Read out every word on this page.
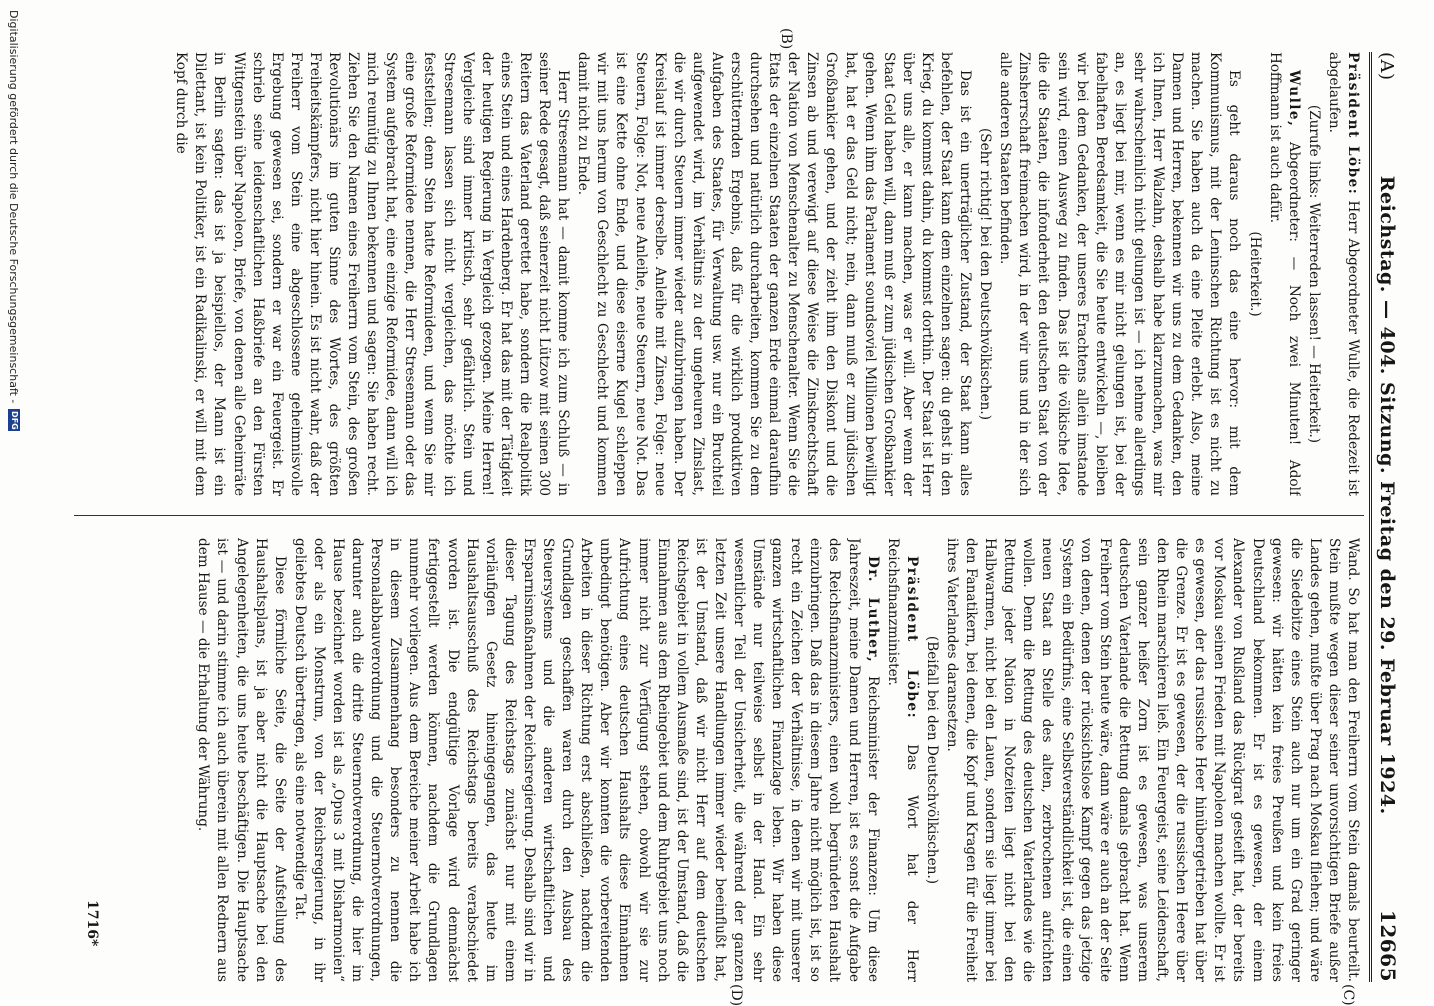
(A)
Reichstag. — 404. Sitzung. Freitag den 29. Februar 1924.
12665
(B)
(C)
(D)

Präsident Löbe: Herr Abgeordneter Wulle, die Redezeit ist abgelaufen.

(Zurufe links: Weiterreden lassen! — Heiterkeit.)

Wulle, Abgeordneter: — Noch zwei Minuten! Adolf Hoffmann ist auch dafür.

(Heiterkeit.)

Es geht daraus noch das eine hervor: mit dem Kommunismus, mit der Leninschen Richtung ist es nicht zu machen. Sie haben auch da eine Pleite erlebt. Also, meine Damen und Herren, bekennen wir uns zu dem Gedanken, den ich Ihnen, Herr Walzahn, deshalb habe klarzumachen, was mir sehr wahrscheinlich nicht gelungen ist — ich nehme allerdings an, es liegt bei mir, wenn es mir nicht gelungen ist, bei der fabelhaften Beredsamkeit, die Sie heute entwickeln —, bleiben wir bei dem Gedanken, der unseres Erachtens allein imstande sein wird, einen Ausweg zu finden. Das ist die völkische Idee, die die Staaten, die infonderheit den deutschen Staat von der Zinsherrschaft freimachen wird, in der wir uns und in der sich alle anderen Staaten befinden.

(Sehr richtig! bei den Deutschvölkischen.)

Das ist ein unerträglicher Zustand, der Staat kann alles befehlen, der Staat kann dem einzelnen sagen: du gehst in den Krieg, du kommst dahin, du kommst dorthin. Der Staat ist Herr über uns alle, er kann machen, was er will. Aber wenn der Staat Geld haben will, dann muß er zum jüdischen Großbankier gehen. Wenn ihm das Parlament soundsoviel Millionen bewilligt hat, hat er das Geld nicht; nein, dann muß er zum jüdischen Großbankier gehen, und der zieht ihm den Diskont und die Zinsen ab und verewigt auf diese Weise die Zinsknechtschaft der Nation von Menschenalter zu Menschenalter. Wenn Sie die Etats der einzelnen Staaten der ganzen Erde einmal daraufhin durchsehen und natürlich durcharbeiten, kommen Sie zu dem erschütternden Ergebnis, daß für die wirklich produktiven Aufgaben des Staates, für Verwaltung usw. nur ein Bruchteil aufgewendet wird, im Verhältnis zu der ungeheuren Zinslast, die wir durch Steuern immer wieder aufzubringen haben. Der Kreislauf ist immer derselbe. Anleihe mit Zinsen, Folge: neue Steuern, Folge: Not, neue Anleihe, neue Steuern, neue Not. Das ist eine Kette ohne Ende, und diese eiserne Kugel schleppen wir mit uns herum von Geschlecht zu Geschlecht und kommen damit nicht zu Ende.

Herr Stresemann hat — damit komme ich zum Schluß — in seiner Rede gesagt, daß seinerzeit nicht Lützow mit seinen 300 Reitern das Vaterland gerettet habe, sondern die Realpolitik eines Stein und eines Hardenberg. Er hat das mit der Tätigkeit der heutigen Regierung in Vergleich gezogen. Meine Herren! Vergleiche sind immer kritisch, sehr gefährlich. Stein und Stresemann lassen sich nicht vergleichen, das möchte ich feststellen; denn Stein hatte Reformideen, und wenn Sie mir eine große Reformidee nennen, die Herr Stresemann oder das System aufgebracht hat, eine einzige Reformidee, dann will ich mich reumütig zu Ihnen bekennen und sagen: Sie haben recht. Ziehen Sie den Namen eines Freiherrn vom Stein, des großen Revolutionärs im guten Sinne des Wortes, des größten Freiheitskämpfers, nicht hier hinein. Es ist nicht wahr, daß der Freiherr vom Stein eine abgeschlossene geheimnisvolle Ergebung gewesen sei, sondern er war ein Feuergeist. Er schrieb seine leidenschaftlichen Haßbriefe an den Fürsten Wittgenstein über Napoleon, Briefe, von denen alle Geheimräte in Berlin sagten: das ist ja beispiellos, der Mann ist ein Dilettant, ist kein Politiker, ist ein Radikalinski, er will mit dem Kopf durch die

Wand. So hat man den Freiherrn vom Stein damals beurteilt. Stein mußte wegen dieser seiner unvorsichtigen Briefe außer Landes gehen, mußte über Prag nach Moskau fliehen; und wäre die Siedebitze eines Stein auch nur um ein Grad geringer gewesen: wir hätten kein freies Preußen und kein freies Deutschland bekommen. Er ist es gewesen, der einem Alexander von Rußland das Rückgrat gesteift hat, der bereits vor Moskau seinen Frieden mit Napoleon machen wollte. Er ist es gewesen, der das russische Heer hinübergetrieben hat über die Grenze. Er ist es gewesen, der die russischen Heere über den Rhein marschieren ließ. Ein Feuergeist, seine Leidenschaft, sein ganzer heißer Zorn ist es gewesen, was unserem deutschen Vaterlande die Rettung damals gebracht hat. Wenn Freiherr vom Stein heute wäre, dann wäre er auch an der Seite von denen, denen der rücksichtslose Kampf gegen das jetzige System ein Bedürfnis, eine Selbstverständlichkeit ist, die einen neuen Staat an Stelle des alten, zerbrochenen aufrichten wollen. Denn die Rettung des deutschen Vaterlandes wie die Rettung jeder Nation in Notzeiten liegt nicht bei den Halbwarmen, nicht bei den Lauen, sondern sie liegt immer bei den Fanatikern, bei denen, die Kopf und Kragen für die Freiheit ihres Vaterlandes daransetzen.

(Beifall bei den Deutschvölkischen.)

Präsident Löbe: Das Wort hat der Herr Reichsfinanzminister.

Dr. Luther, Reichsminister der Finanzen: Um diese Jahreszeit, meine Damen und Herren, ist es sonst die Aufgabe des Reichsfinanzministers, einen wohl begründeten Haushalt einzubringen. Daß das in diesem Jahre nicht möglich ist, ist so recht ein Zeichen der Verhältnisse, in denen wir mit unserer ganzen wirtschaftlichen Finanzlage leben. Wir haben diese Umstände nur teilweise selbst in der Hand. Ein sehr wesentlicher Teil der Unsicherheit, die während der ganzen letzten Zeit unsere Handlungen immer wieder beeinflußt hat, ist der Umstand, daß wir nicht Herr auf dem deutschen Reichsgebiet in vollem Ausmaße sind, ist der Umstand, daß die Einnahmen aus dem Rheingebiet und dem Ruhrgebiet uns noch immer nicht zur Verfügung stehen, obwohl wir sie zur Aufrichtung eines deutschen Haushalts diese Einnahmen unbedingt benötigen. Aber wir konnten die vorbereitenden Arbeiten in dieser Richtung erst abschließen, nachdem die Grundlagen geschaffen waren durch den Ausbau des Steuersystems und die anderen wirtschaftlichen und Ersparnismaßnahmen der Reichsregierung. Deshalb sind wir in dieser Tagung des Reichstags zunächst nur mit einem vorläufigen Gesetz hineingegangen, das heute im Haushaltsausschuß des Reichstags bereits verabschiedet worden ist. Die endgültige Vorlage wird demnächst fertiggestellt werden können, nachdem die Grundlagen nunmehr vorliegen. Aus dem Bereiche meiner Arbeit habe ich in diesem Zusammenhang besonders zu nennen die Personalabbauverordnung und die Steuernotverordnungen, darunter auch die dritte Steuernotverordnung, die hier im Hause bezeichnet worden ist als „Opus 3 mit Disharmonien“ oder als ein Monstrum, von der Reichsregierung, in ihr geliebtes Deutsch übertragen, als eine notwendige Tat.

Diese förmliche Seite, die Seite der Aufstellung des Haushaltsplans, ist ja aber nicht die Hauptsache bei den Angelegenheiten, die uns heute beschäftigen. Die Hauptsache ist — und darin stimme ich auch überein mit allen Rednern aus dem Hause — die Erhaltung der Währung.

1716*
Digitalisierung gefördert durch die Deutsche Forschungsgemeinschaft -
DFG
